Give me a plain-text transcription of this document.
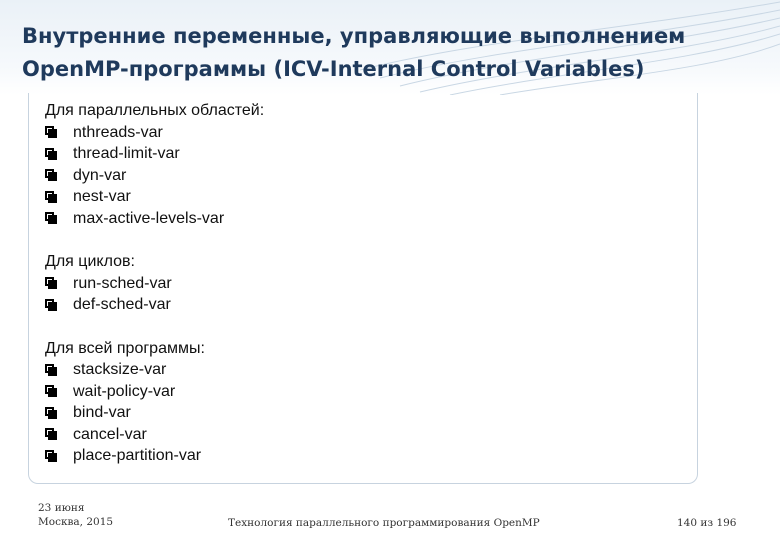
Внутренние переменные, управляющие выполнением
OpenMP-программы (ICV-Internal Control Variables)
Для параллельных областей:
nthreads-var
thread-limit-var
dyn-var
nest-var
max-active-levels-var
Для циклов:
run-sched-var
def-sched-var
Для всей программы:
stacksize-var
wait-policy-var
bind-var
cancel-var
place-partition-var
23 июня
Москва, 2015	Технология параллельного программирования OpenMP	140 из 196
